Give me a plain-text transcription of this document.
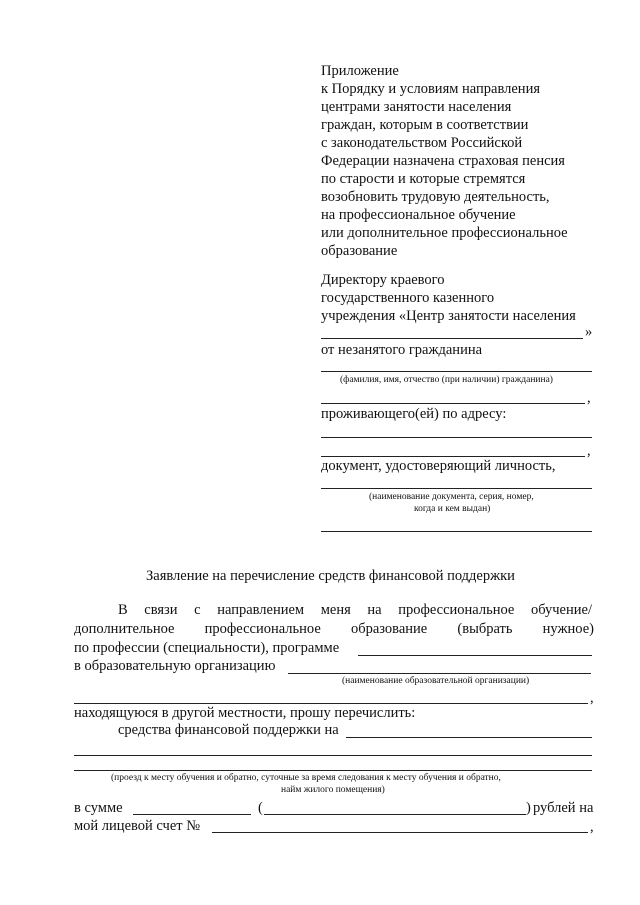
Приложение
к Порядку и условиям направления
центрами занятости населения
граждан, которым в соответствии
с законодательством Российской
Федерации назначена страховая пенсия
по старости и которые стремятся
возобновить трудовую деятельность,
на профессиональное обучение
или дополнительное профессиональное
образование
Директору краевого
государственного казенного
учреждения «Центр занятости населения
»
от незанятого гражданина
(фамилия, имя, отчество (при наличии) гражданина)
,
проживающего(ей) по адресу:
,
документ, удостоверяющий личность,
(наименование документа, серия, номер,
когда и кем выдан)
Заявление на перечисление средств финансовой поддержки
В связи с направлением меня на профессиональное обучение/
дополнительное профессиональное образование (выбрать нужное)
по профессии (специальности), программе
в образовательную организацию
(наименование образовательной организации)
,
находящуюся в другой местности, прошу перечислить:
средства финансовой поддержки на
(проезд к месту обучения и обратно, суточные за время следования к месту обучения и обратно,
найм жилого помещения)
в сумме	(	) рублей на
мой лицевой счет №	,
